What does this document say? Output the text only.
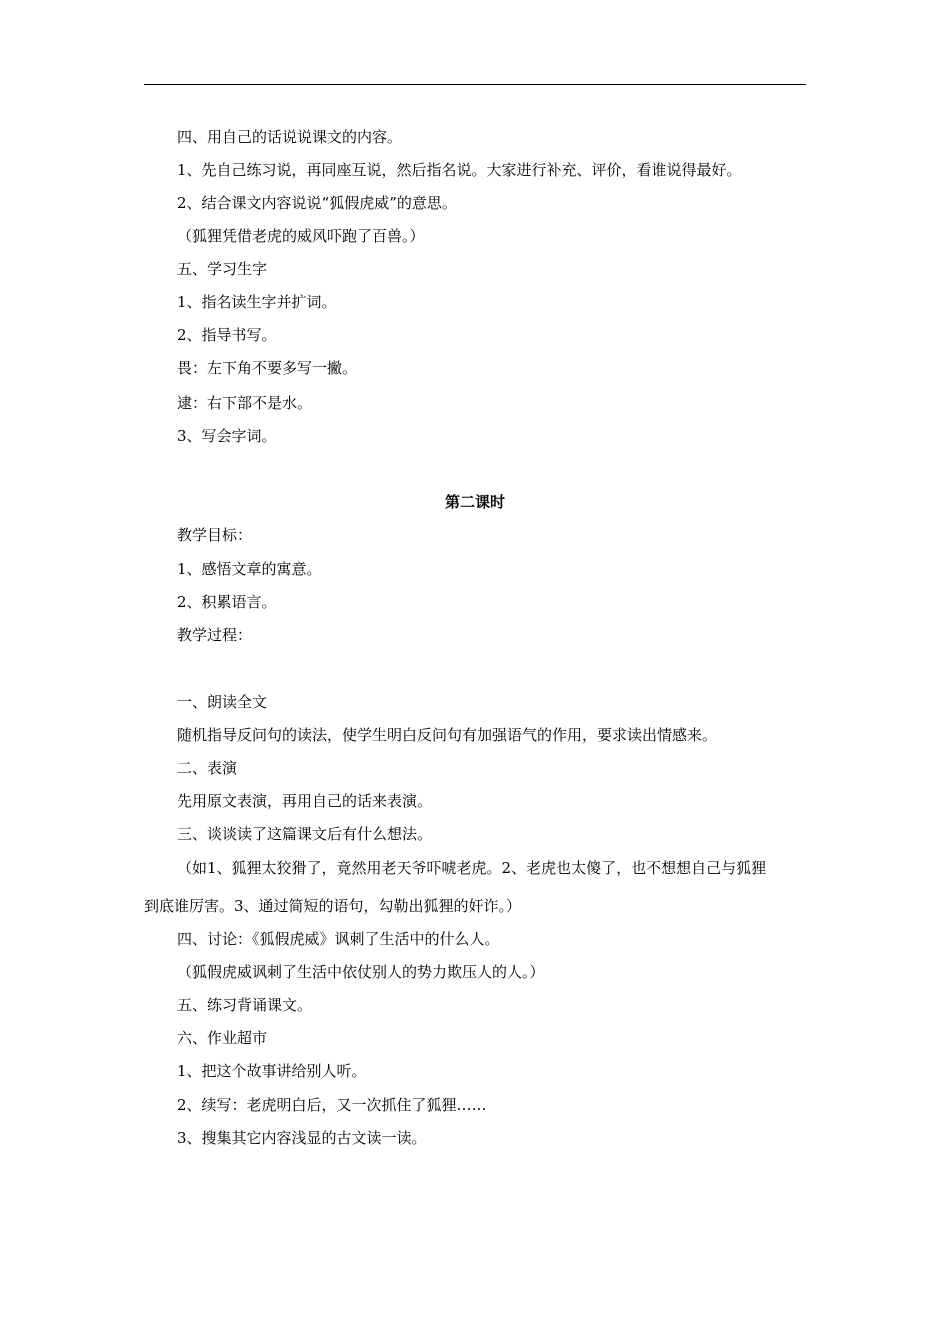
四、用自己的话说说课文的内容。
1、先自己练习说，再同座互说，然后指名说。大家进行补充、评价，看谁说得最好。
2、结合课文内容说说“狐假虎威”的意思。
（狐狸凭借老虎的威风吓跑了百兽。）
五、学习生字
1、指名读生字并扩词。
2、指导书写。
畏：左下角不要多写一撇。
逮：右下部不是水。
3、写会字词。
第二课时
教学目标：
1、感悟文章的寓意。
2、积累语言。
教学过程：
一、朗读全文
随机指导反问句的读法，使学生明白反问句有加强语气的作用，要求读出情感来。
二、表演
先用原文表演，再用自己的话来表演。
三、谈谈读了这篇课文后有什么想法。
（如1、狐狸太狡猾了，竟然用老天爷吓唬老虎。2、老虎也太傻了，也不想想自己与狐狸
到底谁厉害。3、通过简短的语句，勾勒出狐狸的奸诈。）
四、讨论：《狐假虎威》讽刺了生活中的什么人。
（狐假虎威讽刺了生活中依仗别人的势力欺压人的人。）
五、练习背诵课文。
六、作业超市
1、把这个故事讲给别人听。
2、续写：老虎明白后，又一次抓住了狐狸……
3、搜集其它内容浅显的古文读一读。
